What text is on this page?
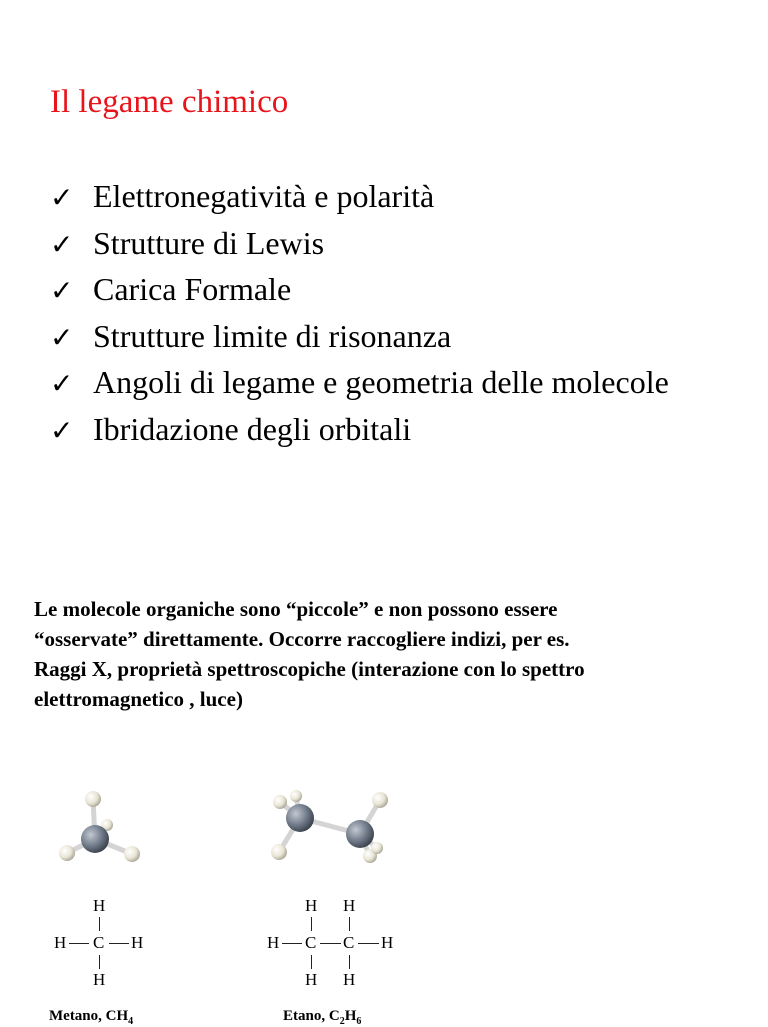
Il legame chimico
✓ Elettronegatività e polarità
✓ Strutture di Lewis
✓ Carica Formale
✓ Strutture limite di risonanza
✓ Angoli di legame e geometria delle molecole
✓ Ibridazione degli orbitali
Le molecole organiche sono “piccole” e non possono essere
“osservate” direttamente. Occorre raccogliere indizi, per es.
Raggi X, proprietà spettroscopiche (interazione con lo spettro
elettromagnetico , luce)
H
H C H
H
H H
H C C H
H H
Metano, $CH_4$	Etano, $C_2H_6$
